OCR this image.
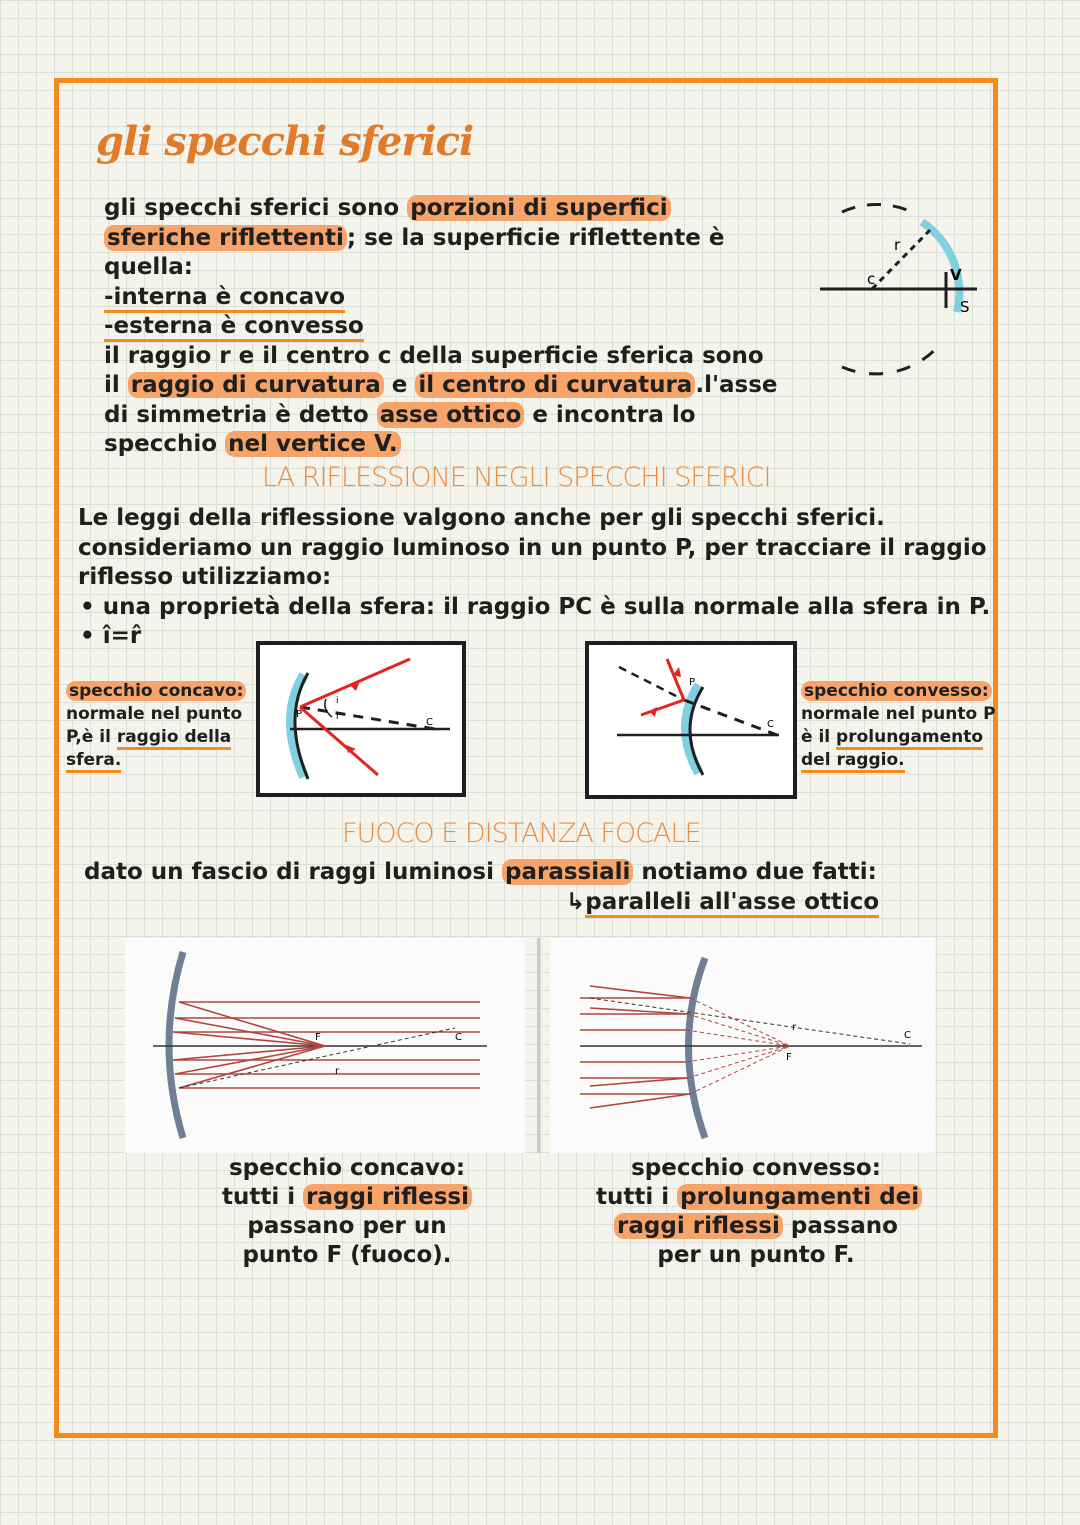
gli specchi sferici
gli specchi sferici sono porzioni di superfici
sferiche riflettenti ; se la superficie riflettente è
quella:
-interna è concavo
-esterna è convesso
il raggio r e il centro c della superficie sferica sono
il raggio di curvatura e il centro di curvatura .l'asse
di simmetria è detto asse ottico e incontra lo
specchio nel vertice V.
c
r
V
S
LA RIFLESSIONE NEGLI SPECCHI SFERICI
Le leggi della riflessione valgono anche per gli specchi sferici.
consideriamo un raggio luminoso in un punto P, per tracciare il raggio
riflesso utilizziamo:
• una proprietà della sfera: il raggio PC è sulla normale alla sfera in P.
• î=r̂
specchio concavo:
normale nel punto
P,è il raggio della
sfera.
P
C
i
r
P
C
specchio convesso:
normale nel punto P
è il prolungamento
del raggio.
FUOCO E DISTANZA FOCALE
dato un fascio di raggi luminosi parassiali notiamo due fatti:
↳paralleli all'asse ottico
F	C
r
F
C
r
specchio concavo:
tutti i raggi riflessi
passano per un
punto F (fuoco).
specchio convesso:
tutti i prolungamenti dei
raggi riflessi passano
per un punto F.
